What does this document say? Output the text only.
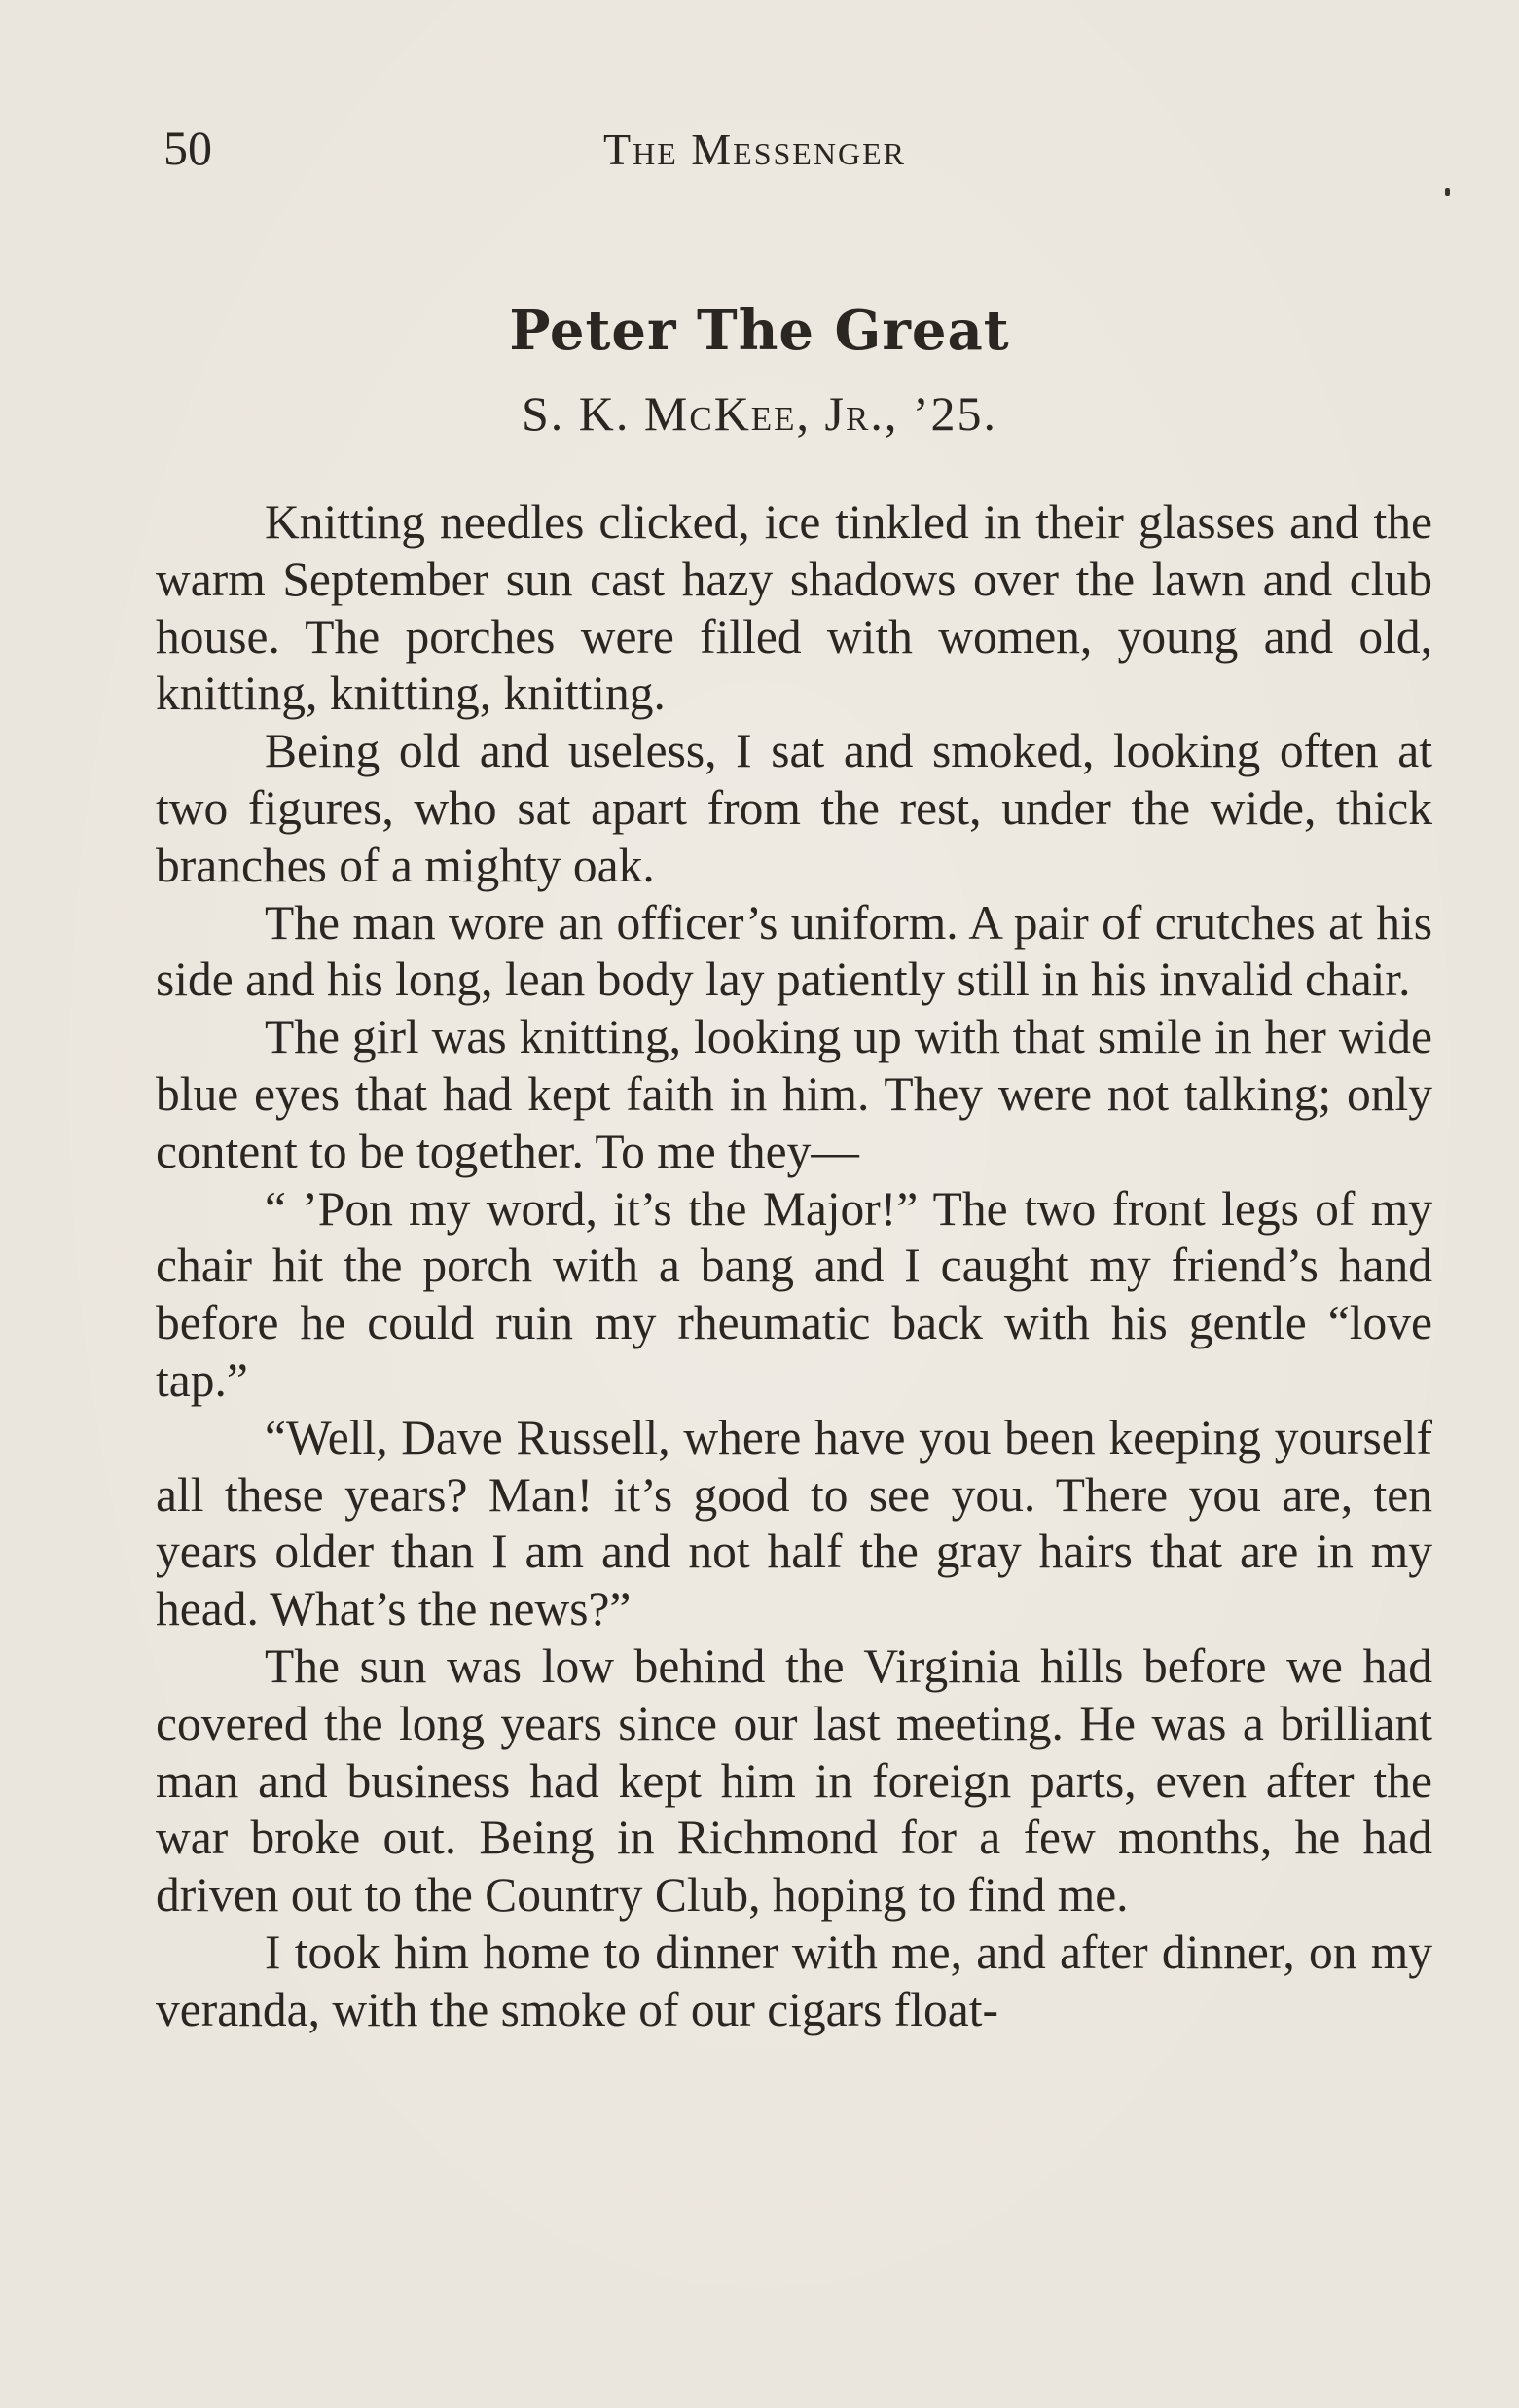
50	The Messenger
Peter The Great
S. K. McKee, Jr., ’25.

Knitting needles clicked, ice tinkled in their glasses and the warm September sun cast hazy shadows over the lawn and club house. The porches were filled with women, young and old, knitting, knitting, knitting.

Being old and useless, I sat and smoked, looking often at two figures, who sat apart from the rest, under the wide, thick branches of a mighty oak.

The man wore an officer’s uniform. A pair of crutches at his side and his long, lean body lay patiently still in his invalid chair.

The girl was knitting, looking up with that smile in her wide blue eyes that had kept faith in him. They were not talking; only content to be together. To me they—

“ ’Pon my word, it’s the Major!” The two front legs of my chair hit the porch with a bang and I caught my friend’s hand before he could ruin my rheumatic back with his gentle “love tap.”

“Well, Dave Russell, where have you been keeping yourself all these years? Man! it’s good to see you. There you are, ten years older than I am and not half the gray hairs that are in my head. What’s the news?”

The sun was low behind the Virginia hills before we had covered the long years since our last meeting. He was a brilliant man and business had kept him in foreign parts, even after the war broke out. Being in Richmond for a few months, he had driven out to the Country Club, hoping to find me.

I took him home to dinner with me, and after dinner, on my veranda, with the smoke of our cigars float-
